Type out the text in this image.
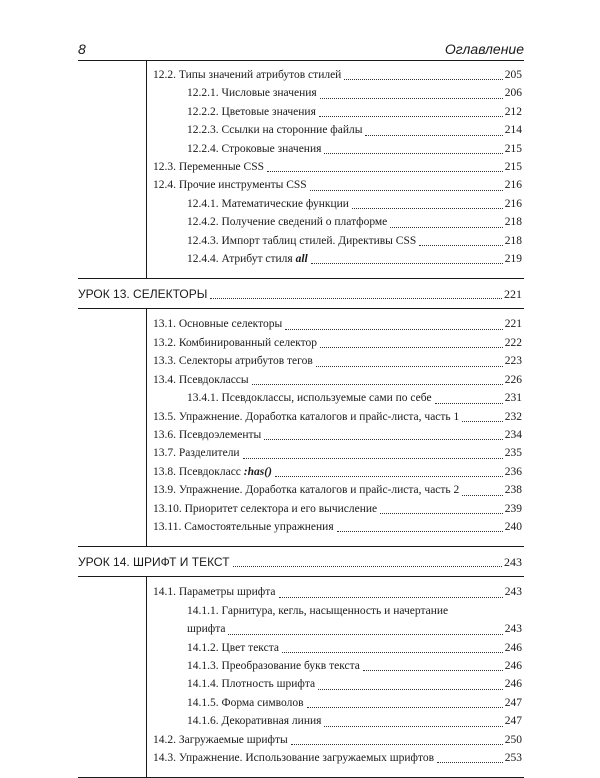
8	Оглавление
12.2. Типы значений атрибутов стилей	205
12.2.1. Числовые значения	206
12.2.2. Цветовые значения	212
12.2.3. Ссылки на сторонние файлы	214
12.2.4. Строковые значения	215
12.3. Переменные CSS	215
12.4. Прочие инструменты CSS	216
12.4.1. Математические функции	216
12.4.2. Получение сведений о платформе	218
12.4.3. Импорт таблиц стилей. Директивы CSS	218
12.4.4. Атрибут стиля all	219
УРОК 13. СЕЛЕКТОРЫ	221
13.1. Основные селекторы	221
13.2. Комбинированный селектор	222
13.3. Селекторы атрибутов тегов	223
13.4. Псевдоклассы	226
13.4.1. Псевдоклассы, используемые сами по себе	231
13.5. Упражнение. Доработка каталогов и прайс-листа, часть 1	232
13.6. Псевдоэлементы	234
13.7. Разделители	235
13.8. Псевдокласс :has()	236
13.9. Упражнение. Доработка каталогов и прайс-листа, часть 2	238
13.10. Приоритет селектора и его вычисление	239
13.11. Самостоятельные упражнения	240
УРОК 14. ШРИФТ И ТЕКСТ	243
14.1. Параметры шрифта	243
14.1.1. Гарнитура, кегль, насыщенность и начертание
шрифта	243
14.1.2. Цвет текста	246
14.1.3. Преобразование букв текста	246
14.1.4. Плотность шрифта	246
14.1.5. Форма символов	247
14.1.6. Декоративная линия	247
14.2. Загружаемые шрифты	250
14.3. Упражнение. Использование загружаемых шрифтов	253
